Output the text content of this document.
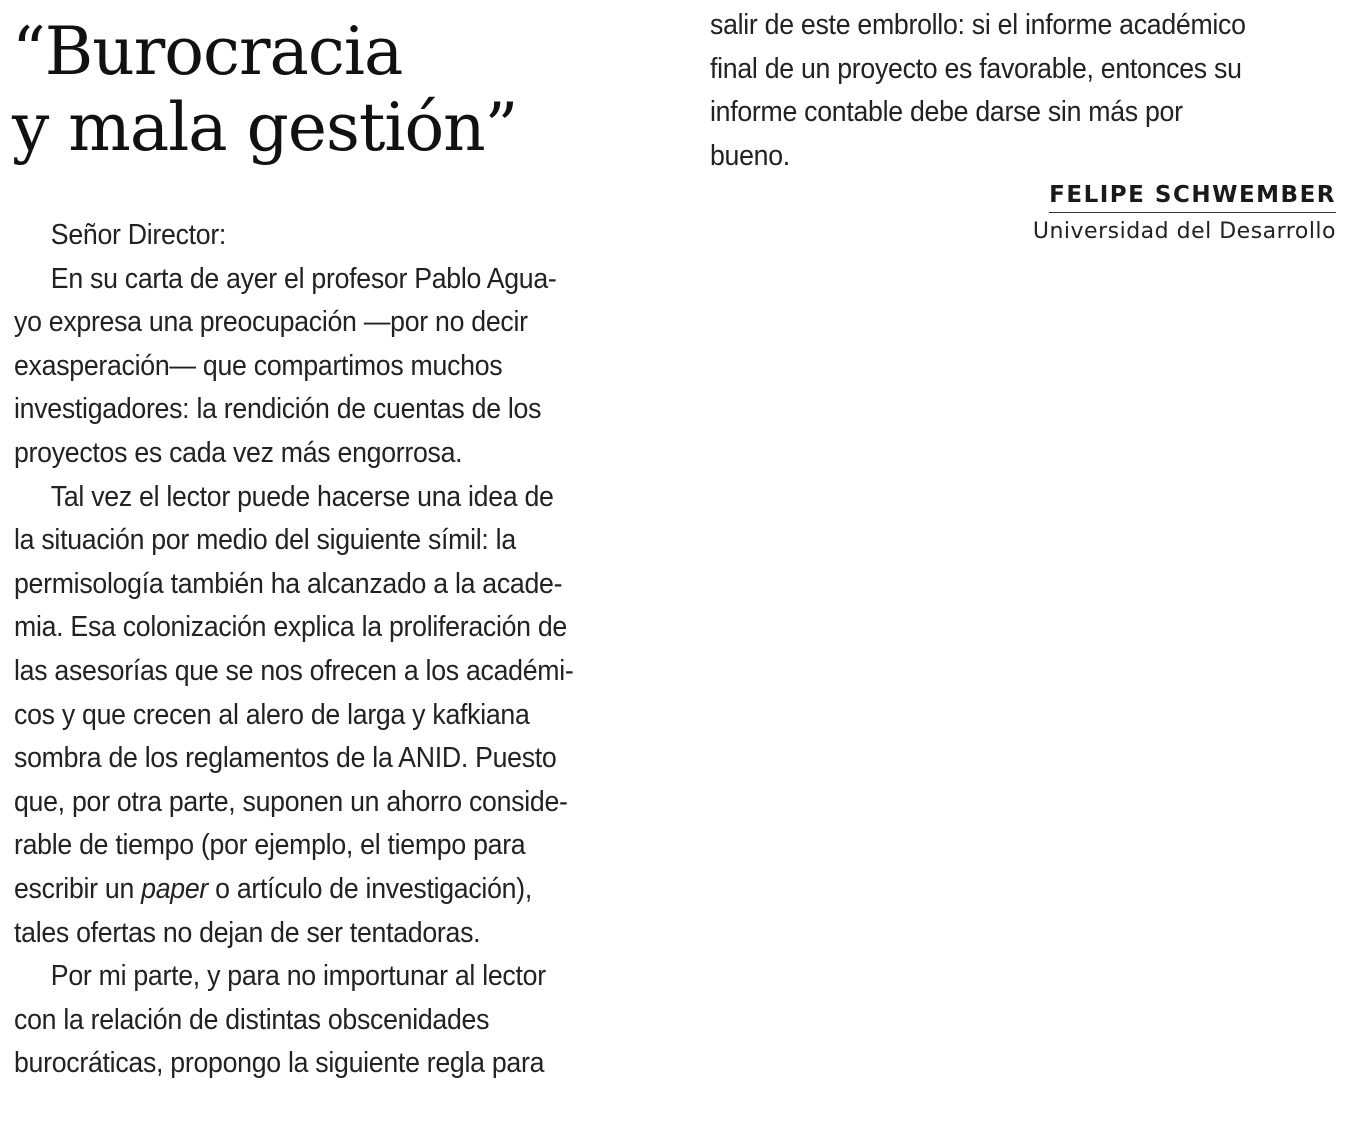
“Burocracia
y mala gestión”
Señor Director:
En su carta de ayer el profesor Pablo Agua-
yo expresa una preocupación —por no decir
exasperación— que compartimos muchos
investigadores: la rendición de cuentas de los
proyectos es cada vez más engorrosa.
Tal vez el lector puede hacerse una idea de
la situación por medio del siguiente símil: la
permisología también ha alcanzado a la acade-
mia. Esa colonización explica la proliferación de
las asesorías que se nos ofrecen a los académi-
cos y que crecen al alero de larga y kafkiana
sombra de los reglamentos de la ANID. Puesto
que, por otra parte, suponen un ahorro conside-
rable de tiempo (por ejemplo, el tiempo para
escribir un paper o artículo de investigación),
tales ofertas no dejan de ser tentadoras.
Por mi parte, y para no importunar al lector
con la relación de distintas obscenidades
burocráticas, propongo la siguiente regla para
salir de este embrollo: si el informe académico
final de un proyecto es favorable, entonces su
informe contable debe darse sin más por
bueno.
FELIPE SCHWEMBER
Universidad del Desarrollo
